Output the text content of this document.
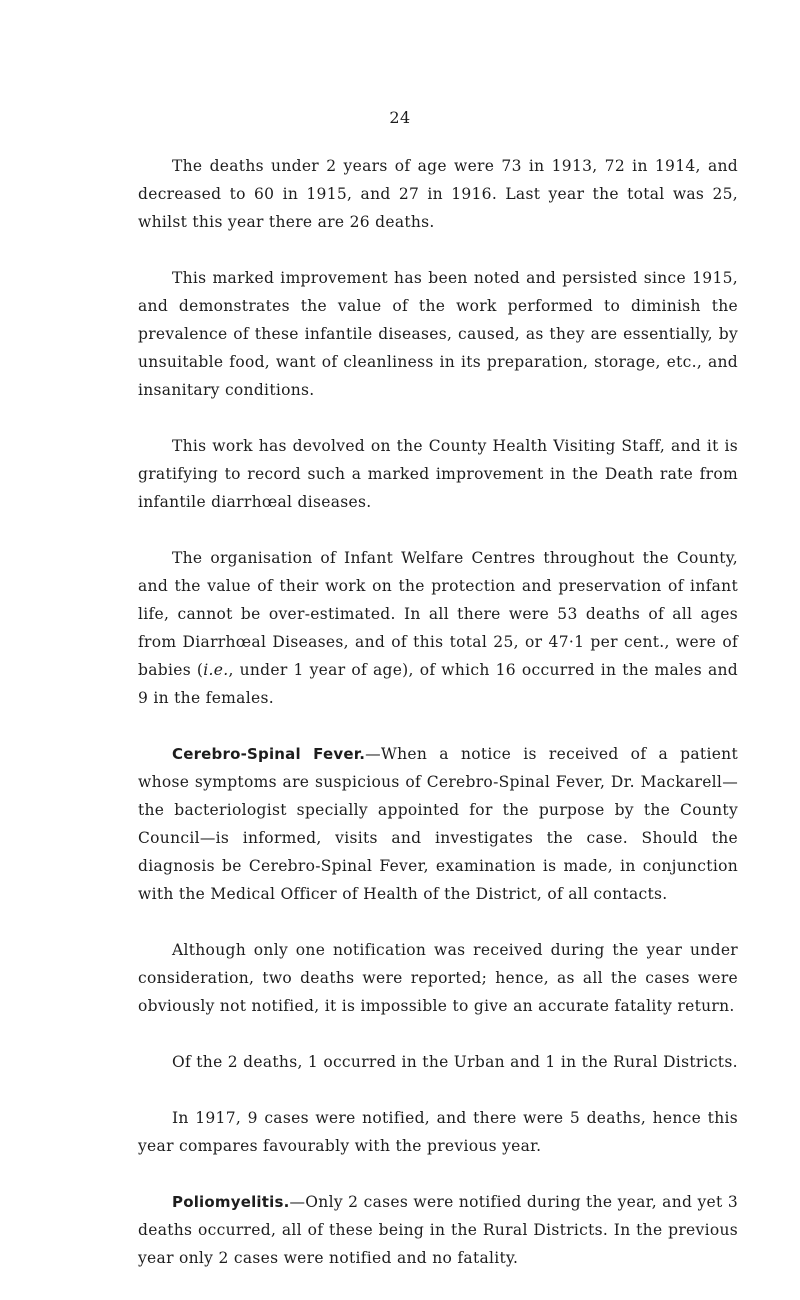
24

The deaths under 2 years of age were 73 in 1913, 72 in 1914, and decreased to 60 in 1915, and 27 in 1916. Last year the total was 25, whilst this year there are 26 deaths.

This marked improvement has been noted and persisted since 1915, and demonstrates the value of the work performed to diminish the prevalence of these infantile diseases, caused, as they are essentially, by unsuitable food, want of cleanliness in its preparation, storage, etc., and insanitary conditions.

This work has devolved on the County Health Visiting Staff, and it is gratifying to record such a marked improvement in the Death rate from infantile diarrhœal diseases.

The organisation of Infant Welfare Centres throughout the County, and the value of their work on the protection and preservation of infant life, cannot be over-estimated. In all there were 53 deaths of all ages from Diarrhœal Diseases, and of this total 25, or 47·1 per cent., were of babies (i.e., under 1 year of age), of which 16 occurred in the males and 9 in the females.

Cerebro-Spinal Fever.—When a notice is received of a patient whose symptoms are suspicious of Cerebro-Spinal Fever, Dr. Mackarell—the bacteriologist specially appointed for the purpose by the County Council—is informed, visits and investigates the case. Should the diagnosis be Cerebro-Spinal Fever, examination is made, in conjunction with the Medical Officer of Health of the District, of all contacts.

Although only one notification was received during the year under consideration, two deaths were reported; hence, as all the cases were obviously not notified, it is impossible to give an accurate fatality return.

Of the 2 deaths, 1 occurred in the Urban and 1 in the Rural Districts.

In 1917, 9 cases were notified, and there were 5 deaths, hence this year compares favourably with the previous year.

Poliomyelitis.—Only 2 cases were notified during the year, and yet 3 deaths occurred, all of these being in the Rural Districts. In the previous year only 2 cases were notified and no fatality.
